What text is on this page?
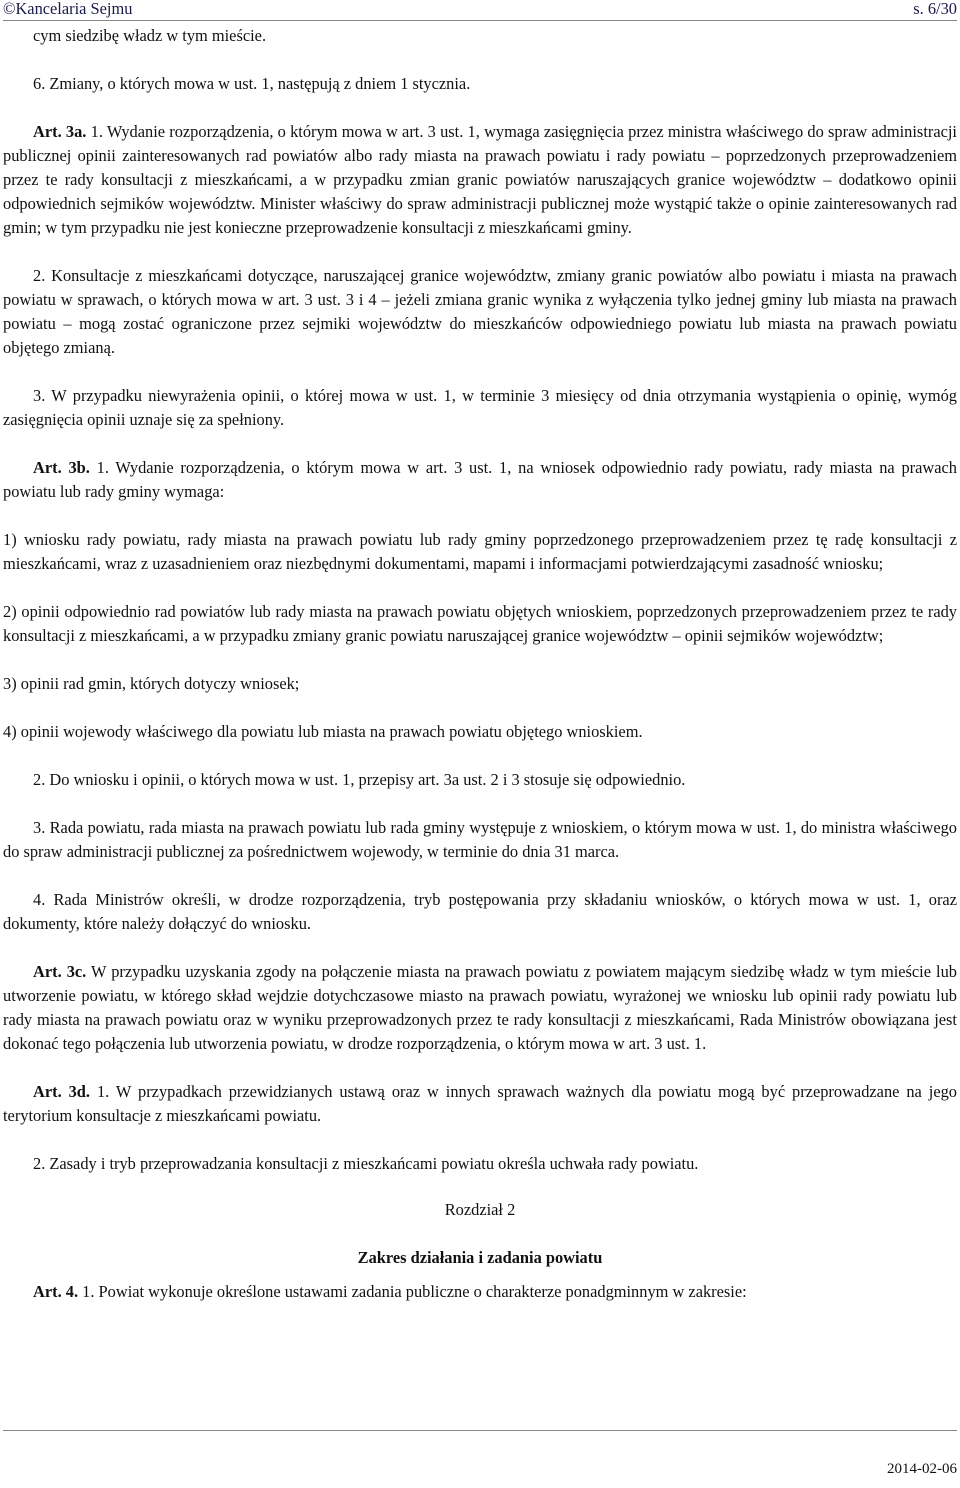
©Kancelaria Sejmu	s. 6/30

cym siedzibę władz w tym mieście.

6. Zmiany, o których mowa w ust. 1, następują z dniem 1 stycznia.

Art. 3a. 1. Wydanie rozporządzenia, o którym mowa w art. 3 ust. 1, wymaga zasięgnięcia przez ministra właściwego do spraw administracji publicznej opinii zainteresowanych rad powiatów albo rady miasta na prawach powiatu i rady powiatu – poprzedzonych przeprowadzeniem przez te rady konsultacji z mieszkańcami, a w przypadku zmian granic powiatów naruszających granice województw – dodatkowo opinii odpowiednich sejmików województw. Minister właściwy do spraw administracji publicznej może wystąpić także o opinie zainteresowanych rad gmin; w tym przypadku nie jest konieczne przeprowadzenie konsultacji z mieszkańcami gminy.

2. Konsultacje z mieszkańcami dotyczące, naruszającej granice województw, zmiany granic powiatów albo powiatu i miasta na prawach powiatu w sprawach, o których mowa w art. 3 ust. 3 i 4 – jeżeli zmiana granic wynika z wyłączenia tylko jednej gminy lub miasta na prawach powiatu – mogą zostać ograniczone przez sejmiki województw do mieszkańców odpowiedniego powiatu lub miasta na prawach powiatu objętego zmianą.

3. W przypadku niewyrażenia opinii, o której mowa w ust. 1, w terminie 3 miesięcy od dnia otrzymania wystąpienia o opinię, wymóg zasięgnięcia opinii uznaje się za spełniony.

Art. 3b. 1. Wydanie rozporządzenia, o którym mowa w art. 3 ust. 1, na wniosek odpowiednio rady powiatu, rady miasta na prawach powiatu lub rady gminy wymaga:

1) wniosku rady powiatu, rady miasta na prawach powiatu lub rady gminy poprzedzonego przeprowadzeniem przez tę radę konsultacji z mieszkańcami, wraz z uzasadnieniem oraz niezbędnymi dokumentami, mapami i informacjami potwierdzającymi zasadność wniosku;

2) opinii odpowiednio rad powiatów lub rady miasta na prawach powiatu objętych wnioskiem, poprzedzonych przeprowadzeniem przez te rady konsultacji z mieszkańcami, a w przypadku zmiany granic powiatu naruszającej granice województw – opinii sejmików województw;

3) opinii rad gmin, których dotyczy wniosek;

4) opinii wojewody właściwego dla powiatu lub miasta na prawach powiatu objętego wnioskiem.

2. Do wniosku i opinii, o których mowa w ust. 1, przepisy art. 3a ust. 2 i 3 stosuje się odpowiednio.

3. Rada powiatu, rada miasta na prawach powiatu lub rada gminy występuje z wnioskiem, o którym mowa w ust. 1, do ministra właściwego do spraw administracji publicznej za pośrednictwem wojewody, w terminie do dnia 31 marca.

4. Rada Ministrów określi, w drodze rozporządzenia, tryb postępowania przy składaniu wniosków, o których mowa w ust. 1, oraz dokumenty, które należy dołączyć do wniosku.

Art. 3c. W przypadku uzyskania zgody na połączenie miasta na prawach powiatu z powiatem mającym siedzibę władz w tym mieście lub utworzenie powiatu, w którego skład wejdzie dotychczasowe miasto na prawach powiatu, wyrażonej we wniosku lub opinii rady powiatu lub rady miasta na prawach powiatu oraz w wyniku przeprowadzonych przez te rady konsultacji z mieszkańcami, Rada Ministrów obowiązana jest dokonać tego połączenia lub utworzenia powiatu, w drodze rozporządzenia, o którym mowa w art. 3 ust. 1.

Art. 3d. 1. W przypadkach przewidzianych ustawą oraz w innych sprawach ważnych dla powiatu mogą być przeprowadzane na jego terytorium konsultacje z mieszkańcami powiatu.

2. Zasady i tryb przeprowadzania konsultacji z mieszkańcami powiatu określa uchwała rady powiatu.

Rozdział 2

Zakres działania i zadania powiatu

Art. 4. 1. Powiat wykonuje określone ustawami zadania publiczne o charakterze ponadgminnym w zakresie:

2014-02-06
